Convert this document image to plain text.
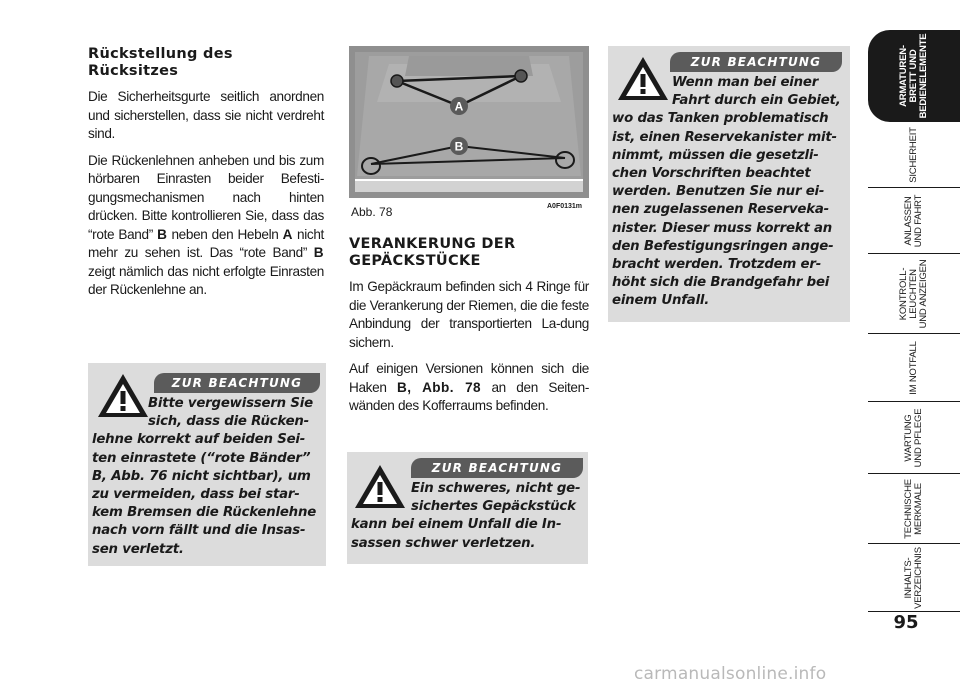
Rückstellung des Rücksitzes

Die Sicherheitsgurte seitlich anordnen und sicherstellen, dass sie nicht verdreht sind.

Die Rückenlehnen anheben und bis zum hörbaren Einrasten beider Befesti-gungsmechanismen nach hinten drücken. Bitte kontrollieren Sie, dass das “rote Band” B neben den Hebeln A nicht mehr zu sehen ist. Das “rote Band” B zeigt nämlich das nicht erfolgte Einrasten der Rückenlehne an.

ZUR BEACHTUNG
Bitte vergewissern Sie sich, dass die Rücken-
lehne korrekt auf beiden Sei-ten einrastete (“rote Bänder” B, Abb. 76 nicht sichtbar), um zu vermeiden, dass bei star-kem Bremsen die Rückenlehne nach vorn fällt und die Insas-sen verletzt.
A
B
Abb. 78	A0F0131m
VERANKERUNG DER GEPÄCKSTÜCKE

Im Gepäckraum befinden sich 4 Ringe für die Verankerung der Riemen, die die feste Anbindung der transportierten La-dung sichern.

Auf einigen Versionen können sich die Haken B, Abb. 78 an den Seiten-wänden des Kofferraums befinden.

ZUR BEACHTUNG
Ein schweres, nicht ge-sichertes Gepäckstück
kann bei einem Unfall die In-sassen schwer verletzen.
ZUR BEACHTUNG
Wenn man bei einer Fahrt durch ein Gebiet,
wo das Tanken problematisch ist, einen Reservekanister mit-nimmt, müssen die gesetzli-chen Vorschriften beachtet werden. Benutzen Sie nur ei-nen zugelassenen Reserveka-nister. Dieser muss korrekt an den Befestigungsringen ange-bracht werden. Trotzdem er-höht sich die Brandgefahr bei einem Unfall.
ARMATUREN-
BRETT UND
BEDIENELEMENTE
SICHERHEIT
ANLASSEN
UND FAHRT
KONTROLL-
LEUCHTEN
UND ANZEIGEN
IM NOTFALL
WARTUNG
UND PFLEGE
TECHNISCHE
MERKMALE
INHALTS-
VERZEICHNIS
95
carmanualsonline.info
